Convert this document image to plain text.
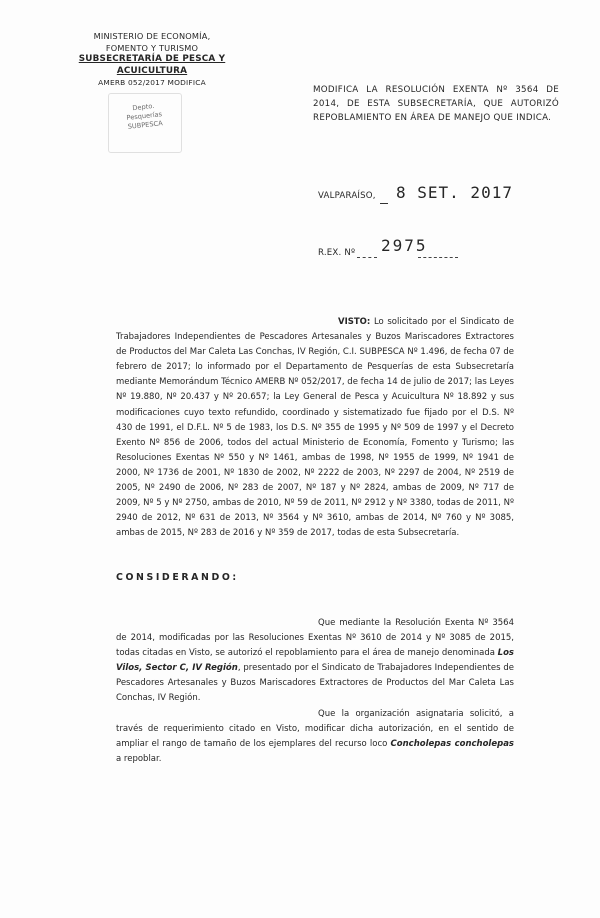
MINISTERIO DE ECONOMÍA,
FOMENTO Y TURISMO
SUBSECRETARÍA DE PESCA Y ACUICULTURA
AMERB 052/2017 MODIFICA
Depto. Pesquerías
SUBPESCA
MODIFICA LA RESOLUCIÓN EXENTA Nº 3564 DE 2014, DE ESTA SUBSECRETARÍA, QUE AUTORIZÓ REPOBLAMIENTO EN ÁREA DE MANEJO QUE INDICA.
VALPARAÍSO, 8 SET. 2017
R.EX. Nº 2975
VISTO: Lo solicitado por el Sindicato de Trabajadores Independientes de Pescadores Artesanales y Buzos Mariscadores Extractores de Productos del Mar Caleta Las Conchas, IV Región, C.I. SUBPESCA Nº 1.496, de fecha 07 de febrero de 2017; lo informado por el Departamento de Pesquerías de esta Subsecretaría mediante Memorándum Técnico AMERB Nº 052/2017, de fecha 14 de julio de 2017; las Leyes Nº 19.880, Nº 20.437 y Nº 20.657; la Ley General de Pesca y Acuicultura Nº 18.892 y sus modificaciones cuyo texto refundido, coordinado y sistematizado fue fijado por el D.S. Nº 430 de 1991, el D.F.L. Nº 5 de 1983, los D.S. Nº 355 de 1995 y Nº 509 de 1997 y el Decreto Exento Nº 856 de 2006, todos del actual Ministerio de Economía, Fomento y Turismo; las Resoluciones Exentas Nº 550 y Nº 1461, ambas de 1998, Nº 1955 de 1999, Nº 1941 de 2000, Nº 1736 de 2001, Nº 1830 de 2002, Nº 2222 de 2003, Nº 2297 de 2004, Nº 2519 de 2005, Nº 2490 de 2006, Nº 283 de 2007, Nº 187 y Nº 2824, ambas de 2009, Nº 717 de 2009, Nº 5 y Nº 2750, ambas de 2010, Nº 59 de 2011, Nº 2912 y Nº 3380, todas de 2011, Nº 2940 de 2012, Nº 631 de 2013, Nº 3564 y Nº 3610, ambas de 2014, Nº 760 y Nº 3085, ambas de 2015, Nº 283 de 2016 y Nº 359 de 2017, todas de esta Subsecretaría.
CONSIDERANDO:
Que mediante la Resolución Exenta Nº 3564 de 2014, modificadas por las Resoluciones Exentas Nº 3610 de 2014 y Nº 3085 de 2015, todas citadas en Visto, se autorizó el repoblamiento para el área de manejo denominada Los Vilos, Sector C, IV Región, presentado por el Sindicato de Trabajadores Independientes de Pescadores Artesanales y Buzos Mariscadores Extractores de Productos del Mar Caleta Las Conchas, IV Región.
Que la organización asignataria solicitó, a través de requerimiento citado en Visto, modificar dicha autorización, en el sentido de ampliar el rango de tamaño de los ejemplares del recurso loco Concholepas concholepas a repoblar.
